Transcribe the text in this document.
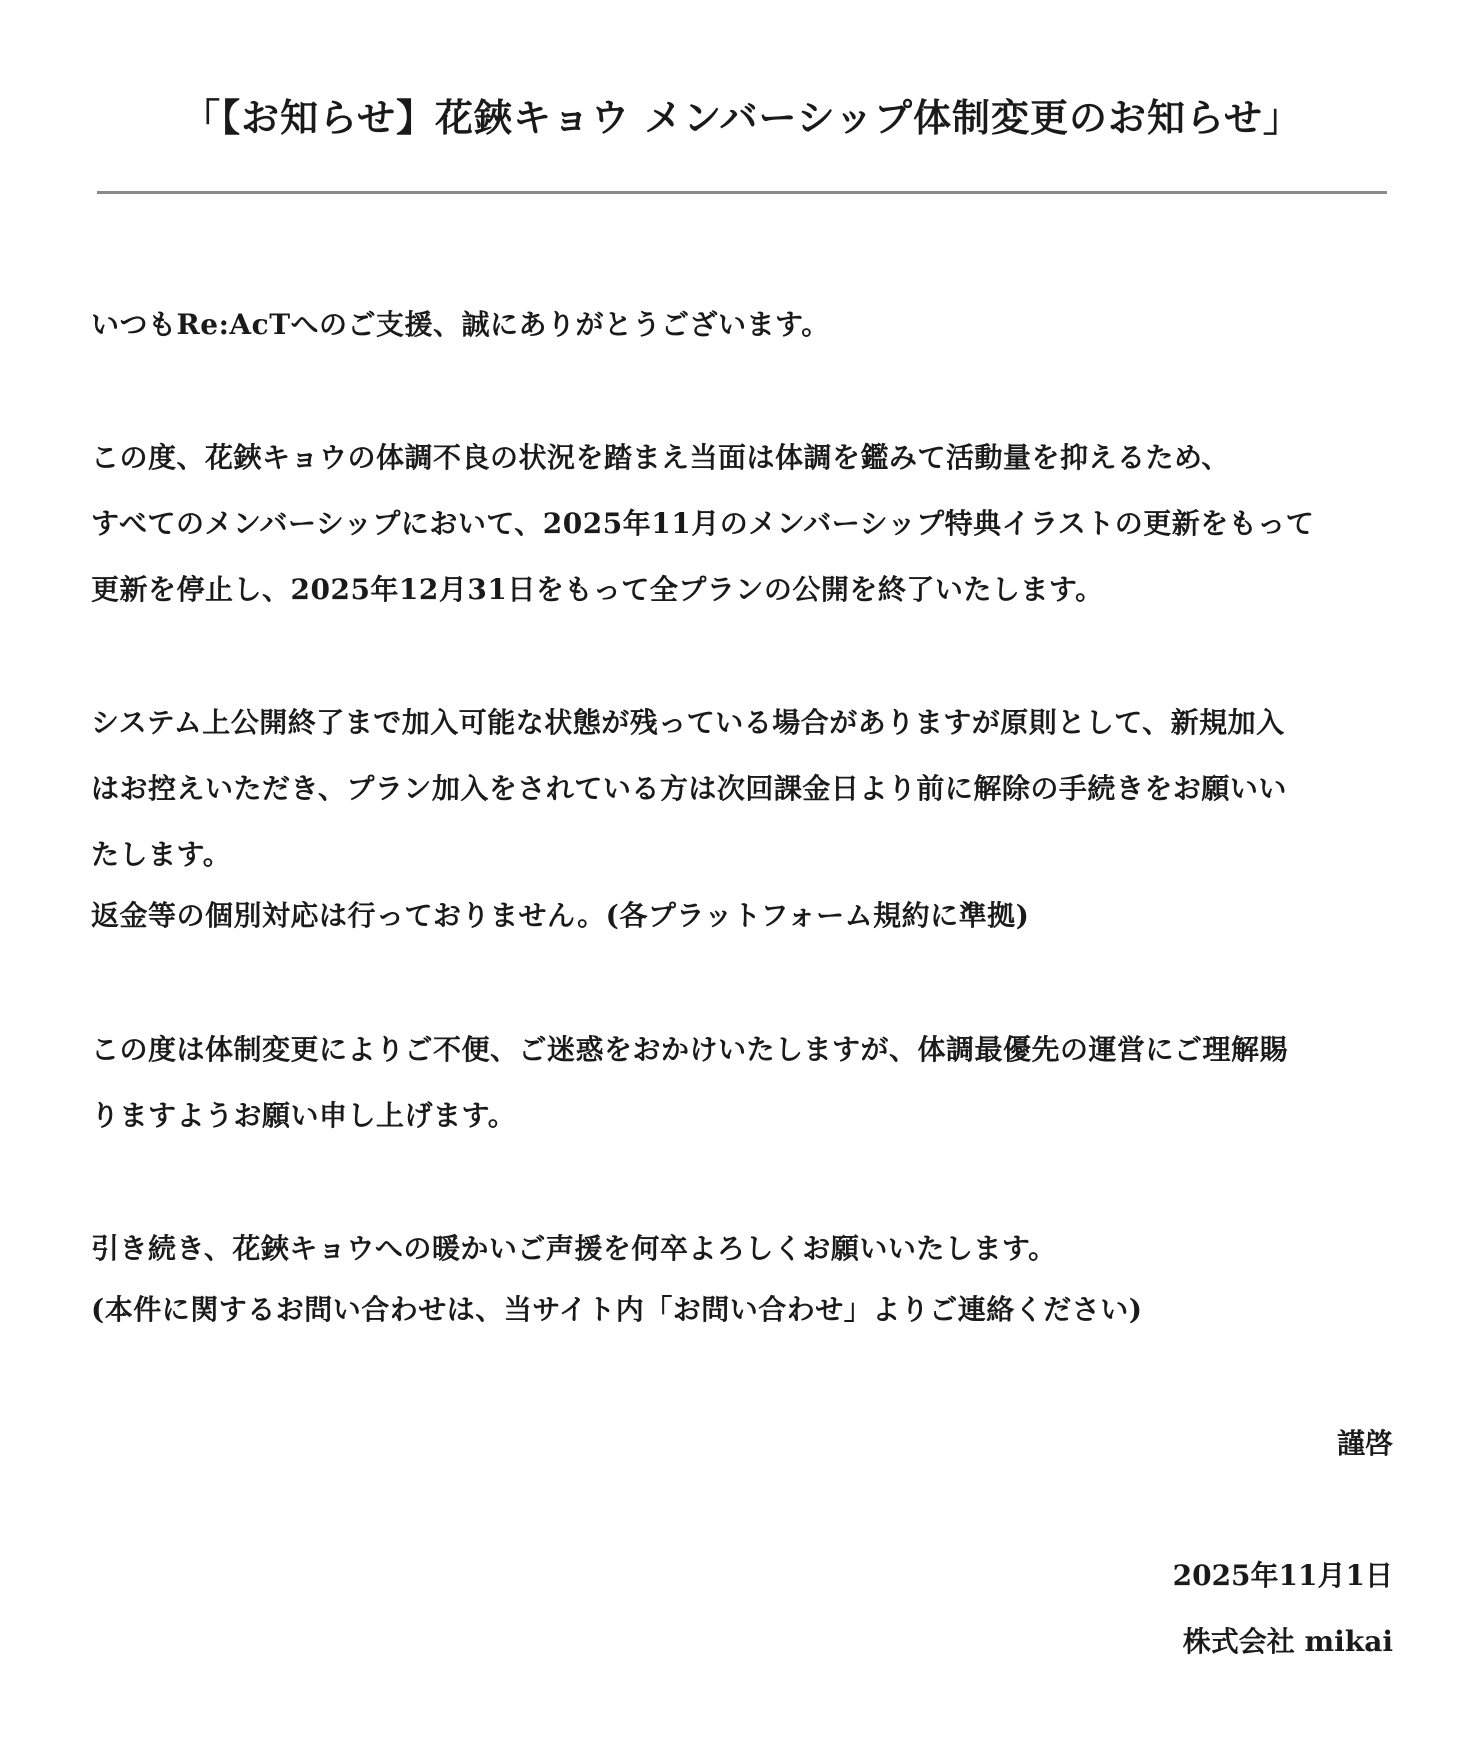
「【お知らせ】花鋏キョウ メンバーシップ体制変更のお知らせ」
いつもRe:AcTへのご支援、誠にありがとうございます。
この度、花鋏キョウの体調不良の状況を踏まえ当面は体調を鑑みて活動量を抑えるため、
すべてのメンバーシップにおいて、2025年11月のメンバーシップ特典イラストの更新をもって
更新を停止し、2025年12月31日をもって全プランの公開を終了いたします。
システム上公開終了まで加入可能な状態が残っている場合がありますが原則として、新規加入
はお控えいただき、プラン加入をされている方は次回課金日より前に解除の手続きをお願いい
たします。
返金等の個別対応は行っておりません。(各プラットフォーム規約に準拠)
この度は体制変更によりご不便、ご迷惑をおかけいたしますが、体調最優先の運営にご理解賜
りますようお願い申し上げます。
引き続き、花鋏キョウへの暖かいご声援を何卒よろしくお願いいたします。
(本件に関するお問い合わせは、当サイト内「お問い合わせ」よりご連絡ください)
謹啓
2025年11月1日
株式会社 mikai
